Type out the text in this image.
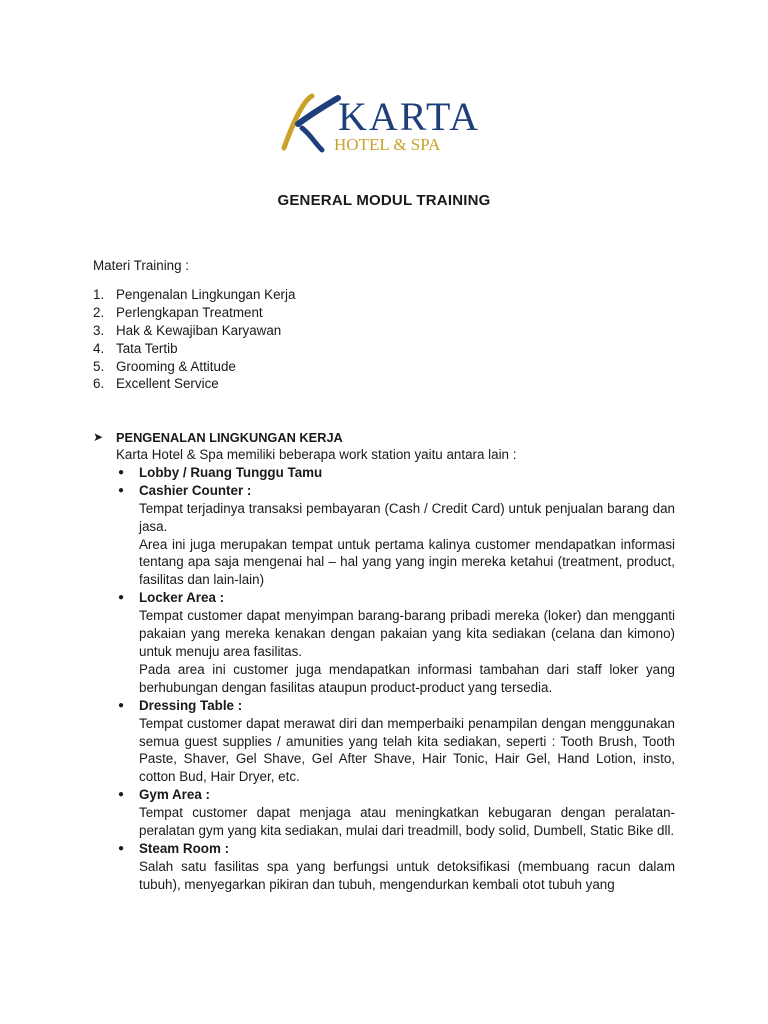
KARTA
HOTEL & SPA
GENERAL MODUL TRAINING
Materi Training :
1. Pengenalan Lingkungan Kerja
2. Perlengkapan Treatment
3. Hak & Kewajiban Karyawan
4. Tata Tertib
5. Grooming & Attitude
6. Excellent Service
➤	PENGENALAN LINGKUNGAN KERJA
Karta Hotel & Spa memiliki beberapa work station yaitu antara lain :
● Lobby / Ruang Tunggu Tamu
● Cashier Counter :

Tempat terjadinya transaksi pembayaran (Cash / Credit Card) untuk penjualan barang dan jasa.

Area ini juga merupakan tempat untuk pertama kalinya customer mendapatkan informasi tentang apa saja mengenai hal – hal yang yang ingin mereka ketahui (treatment, product, fasilitas dan lain-lain)

● Locker Area :

Tempat customer dapat menyimpan barang-barang pribadi mereka (loker) dan mengganti pakaian yang mereka kenakan dengan pakaian yang kita sediakan (celana dan kimono) untuk menuju area fasilitas.

Pada area ini customer juga mendapatkan informasi tambahan dari staff loker yang berhubungan dengan fasilitas ataupun product-product yang tersedia.

● Dressing Table :

Tempat customer dapat merawat diri dan memperbaiki penampilan dengan menggunakan semua guest supplies / amunities yang telah kita sediakan, seperti : Tooth Brush, Tooth Paste, Shaver, Gel Shave, Gel After Shave, Hair Tonic, Hair Gel, Hand Lotion, insto, cotton Bud, Hair Dryer, etc.

● Gym Area :

Tempat customer dapat menjaga atau meningkatkan kebugaran dengan peralatan-peralatan gym yang kita sediakan, mulai dari treadmill, body solid, Dumbell, Static Bike dll.

● Steam Room :

Salah satu fasilitas spa yang berfungsi untuk detoksifikasi (membuang racun dalam tubuh), menyegarkan pikiran dan tubuh, mengendurkan kembali otot tubuh yang
